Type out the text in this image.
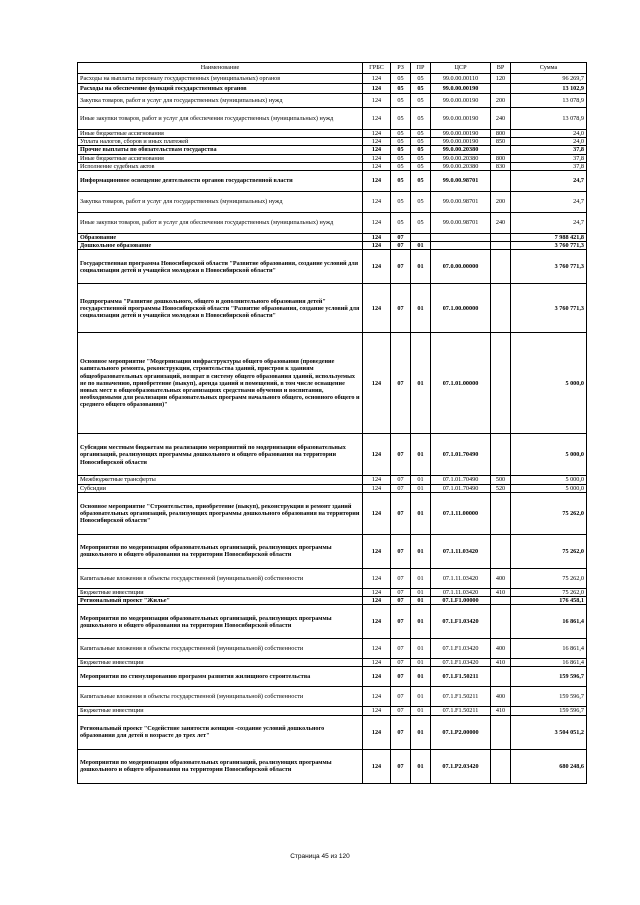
Наименование	ГРБС	РЗ	ПР	ЦСР	ВР	Сумма
Расходы на выплаты персоналу государственных (муниципальных) органов	124	05	05	99.0.00.00110	120	96 269,7
Расходы на обеспечение функций государственных органов	124	05	05	99.0.00.00190		13 102,9
Закупка товаров, работ и услуг для государственных (муниципальных) нужд	124	05	05	99.0.00.00190	200	13 078,9
Иные закупки товаров, работ и услуг для обеспечения государственных (муниципальных) нужд	124	05	05	99.0.00.00190	240	13 078,9
Иные бюджетные ассигнования	124	05	05	99.0.00.00190	800	24,0
Уплата налогов, сборов и иных платежей	124	05	05	99.0.00.00190	850	24,0
Прочие выплаты по обязательствам государства	124	05	05	99.0.00.20380		37,8
Иные бюджетные ассигнования	124	05	05	99.0.00.20380	800	37,8
Исполнение судебных актов	124	05	05	99.0.00.20380	830	37,8
Информационное освещение деятельности органов государственной власти	124	05	05	99.0.00.98701		24,7
Закупка товаров, работ и услуг для государственных (муниципальных) нужд	124	05	05	99.0.00.98701	200	24,7
Иные закупки товаров, работ и услуг для обеспечения государственных (муниципальных) нужд	124	05	05	99.0.00.98701	240	24,7
Образование	124	07				7 988 421,8
Дошкольное образование	124	07	01			3 760 771,3
Государственная программа Новосибирской области "Развитие образования, создание условий для социализации детей и учащейся молодежи в Новосибирской области"	124	07	01	07.0.00.00000		3 760 771,3
Подпрограмма "Развитие дошкольного, общего и дополнительного образования детей" государственной программы Новосибирской области "Развитие образования, создание условий для социализации детей и учащейся молодежи в Новосибирской области"	124	07	01	07.1.00.00000		3 760 771,3
Основное мероприятие "Модернизация инфраструктуры общего образования (проведение капитального ремонта, реконструкции, строительства зданий, пристроя к зданиям общеобразовательных организаций, возврат в систему общего образования зданий, используемых не по назначению, приобретение (выкуп), аренда зданий и помещений, в том числе оснащение новых мест в общеобразовательных организациях средствами обучения и воспитания, необходимыми для реализации образовательных программ начального общего, основного общего и среднего общего образования)"	124	07	01	07.1.01.00000		5 000,0
Субсидии местным бюджетам на реализацию мероприятий по модернизации образовательных организаций, реализующих программы дошкольного и общего образования на территории Новосибирской области	124	07	01	07.1.01.70490		5 000,0
Межбюджетные трансферты	124	07	01	07.1.01.70490	500	5 000,0
Субсидии	124	07	01	07.1.01.70490	520	5 000,0
Основное мероприятие "Строительство, приобретение (выкуп), реконструкция и ремонт зданий образовательных организаций, реализующих программы дошкольного образования на территории Новосибирской области"	124	07	01	07.1.11.00000		75 262,0
Мероприятия по модернизации образовательных организаций, реализующих программы дошкольного и общего образования на территории Новосибирской области	124	07	01	07.1.11.03420		75 262,0
Капитальные вложения в объекты государственной (муниципальной) собственности	124	07	01	07.1.11.03420	400	75 262,0
Бюджетные инвестиции	124	07	01	07.1.11.03420	410	75 262,0
Региональный проект "Жилье"	124	07	01	07.1.F1.00000		176 458,1
Мероприятия по модернизации образовательных организаций, реализующих программы дошкольного и общего образования на территории Новосибирской области	124	07	01	07.1.F1.03420		16 861,4
Капитальные вложения в объекты государственной (муниципальной) собственности	124	07	01	07.1.F1.03420	400	16 861,4
Бюджетные инвестиции	124	07	01	07.1.F1.03420	410	16 861,4
Мероприятия по стимулированию программ развития жилищного строительства	124	07	01	07.1.F1.50211		159 596,7
Капитальные вложения в объекты государственной (муниципальной) собственности	124	07	01	07.1.F1.50211	400	159 596,7
Бюджетные инвестиции	124	07	01	07.1.F1.50211	410	159 596,7
Региональный проект "Содействие занятости женщин -создание условий дошкольного образования для детей в возрасте до трех лет"	124	07	01	07.1.P2.00000		3 504 051,2
Мероприятия по модернизации образовательных организаций, реализующих программы дошкольного и общего образования на территории Новосибирской области	124	07	01	07.1.P2.03420		680 248,6
Страница 45 из 120
